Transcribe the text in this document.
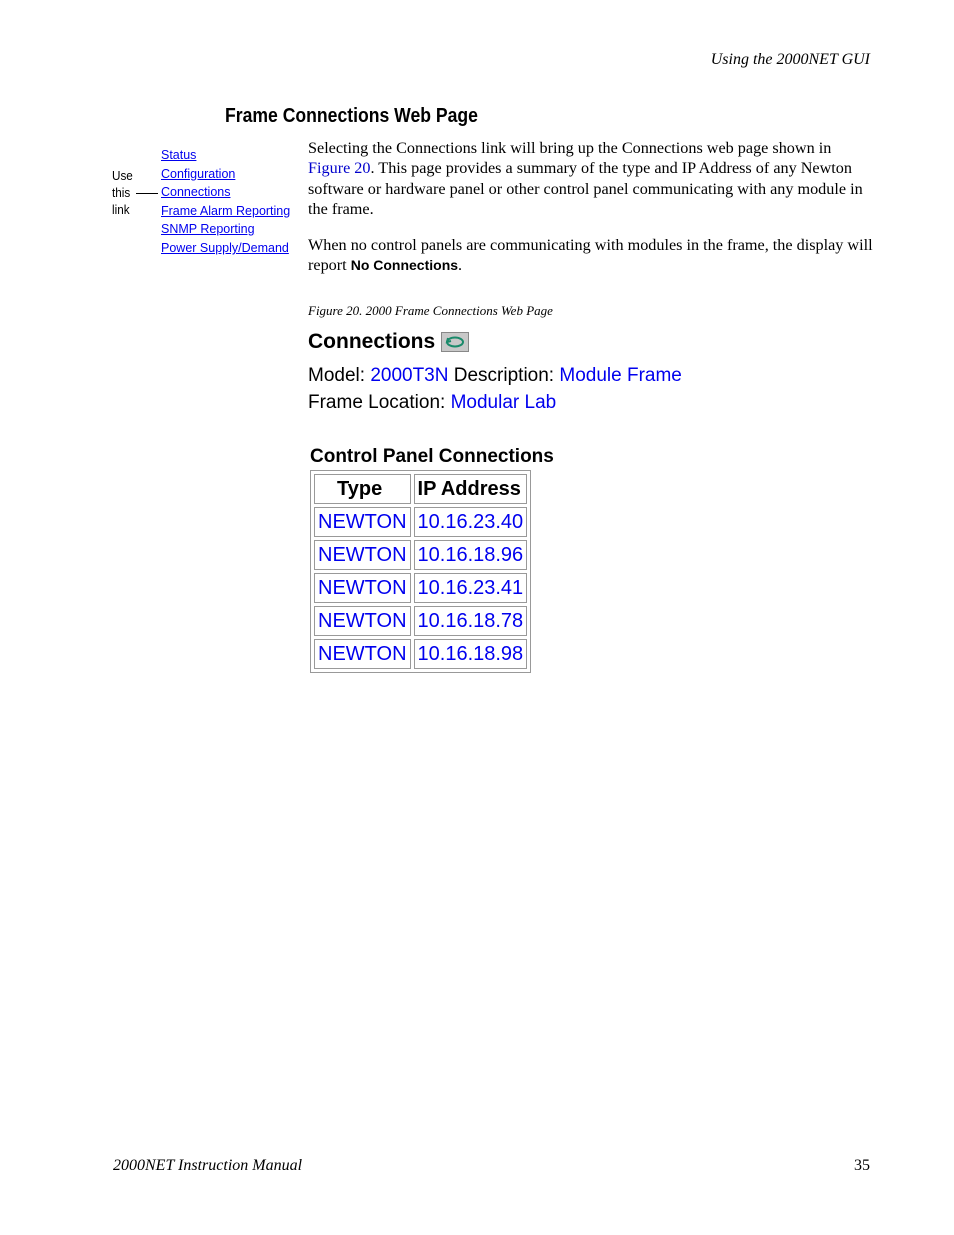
Using the 2000NET GUI
Frame Connections Web Page
Status
Configuration
Connections
Frame Alarm Reporting
SNMP Reporting
Power Supply/Demand
Use
this
link
Selecting the Connections link will bring up the Connections web page shown in Figure 20. This page provides a summary of the type and IP Address of any Newton software or hardware panel or other control panel communicating with any module in the frame.
When no control panels are communicating with modules in the frame, the display will report No Connections.
Figure 20. 2000 Frame Connections Web Page
Connections
Model: 2000T3N Description: Module Frame
Frame Location: Modular Lab
Control Panel Connections
Type	IP Address
NEWTON	10.16.23.40
NEWTON	10.16.18.96
NEWTON	10.16.23.41
NEWTON	10.16.18.78
NEWTON	10.16.18.98
2000NET Instruction Manual	35
